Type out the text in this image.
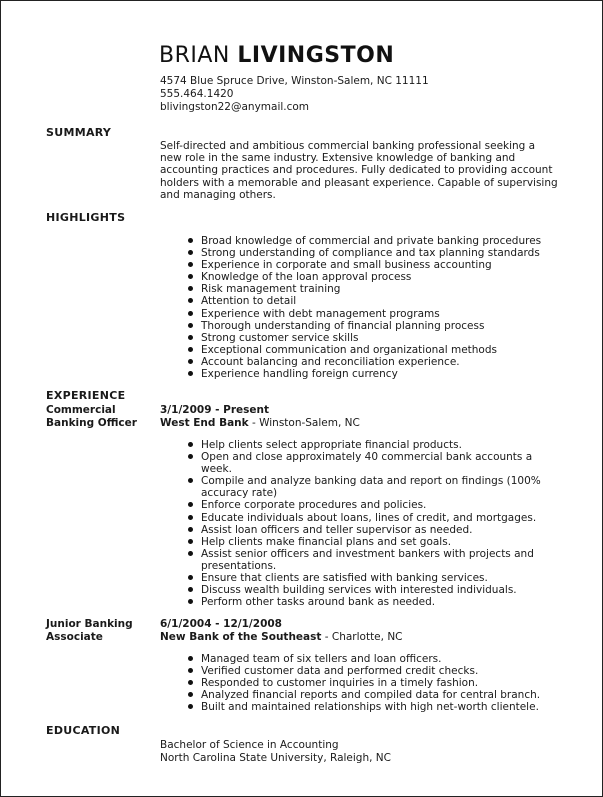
BRIAN LIVINGSTON
4574 Blue Spruce Drive, Winston-Salem, NC 11111
555.464.1420
blivingston22@anymail.com
SUMMARY
Self-directed and ambitious commercial banking professional seeking a new role in the same industry. Extensive knowledge of banking and accounting practices and procedures. Fully dedicated to providing account holders with a memorable and pleasant experience. Capable of supervising and managing others.
HIGHLIGHTS
Broad knowledge of commercial and private banking procedures
Strong understanding of compliance and tax planning standards
Experience in corporate and small business accounting
Knowledge of the loan approval process
Risk management training
Attention to detail
Experience with debt management programs
Thorough understanding of financial planning process
Strong customer service skills
Exceptional communication and organizational methods
Account balancing and reconciliation experience.
Experience handling foreign currency
EXPERIENCE
Commercial Banking Officer
3/1/2009 - Present
West End Bank - Winston-Salem, NC
Help clients select appropriate financial products.
Open and close approximately 40 commercial bank accounts a week.
Compile and analyze banking data and report on findings (100% accuracy rate)
Enforce corporate procedures and policies.
Educate individuals about loans, lines of credit, and mortgages.
Assist loan officers and teller supervisor as needed.
Help clients make financial plans and set goals.
Assist senior officers and investment bankers with projects and presentations.
Ensure that clients are satisfied with banking services.
Discuss wealth building services with interested individuals.
Perform other tasks around bank as needed.
Junior Banking Associate
6/1/2004 - 12/1/2008
New Bank of the Southeast - Charlotte, NC
Managed team of six tellers and loan officers.
Verified customer data and performed credit checks.
Responded to customer inquiries in a timely fashion.
Analyzed financial reports and compiled data for central branch.
Built and maintained relationships with high net-worth clientele.
EDUCATION
Bachelor of Science in Accounting
North Carolina State University, Raleigh, NC
